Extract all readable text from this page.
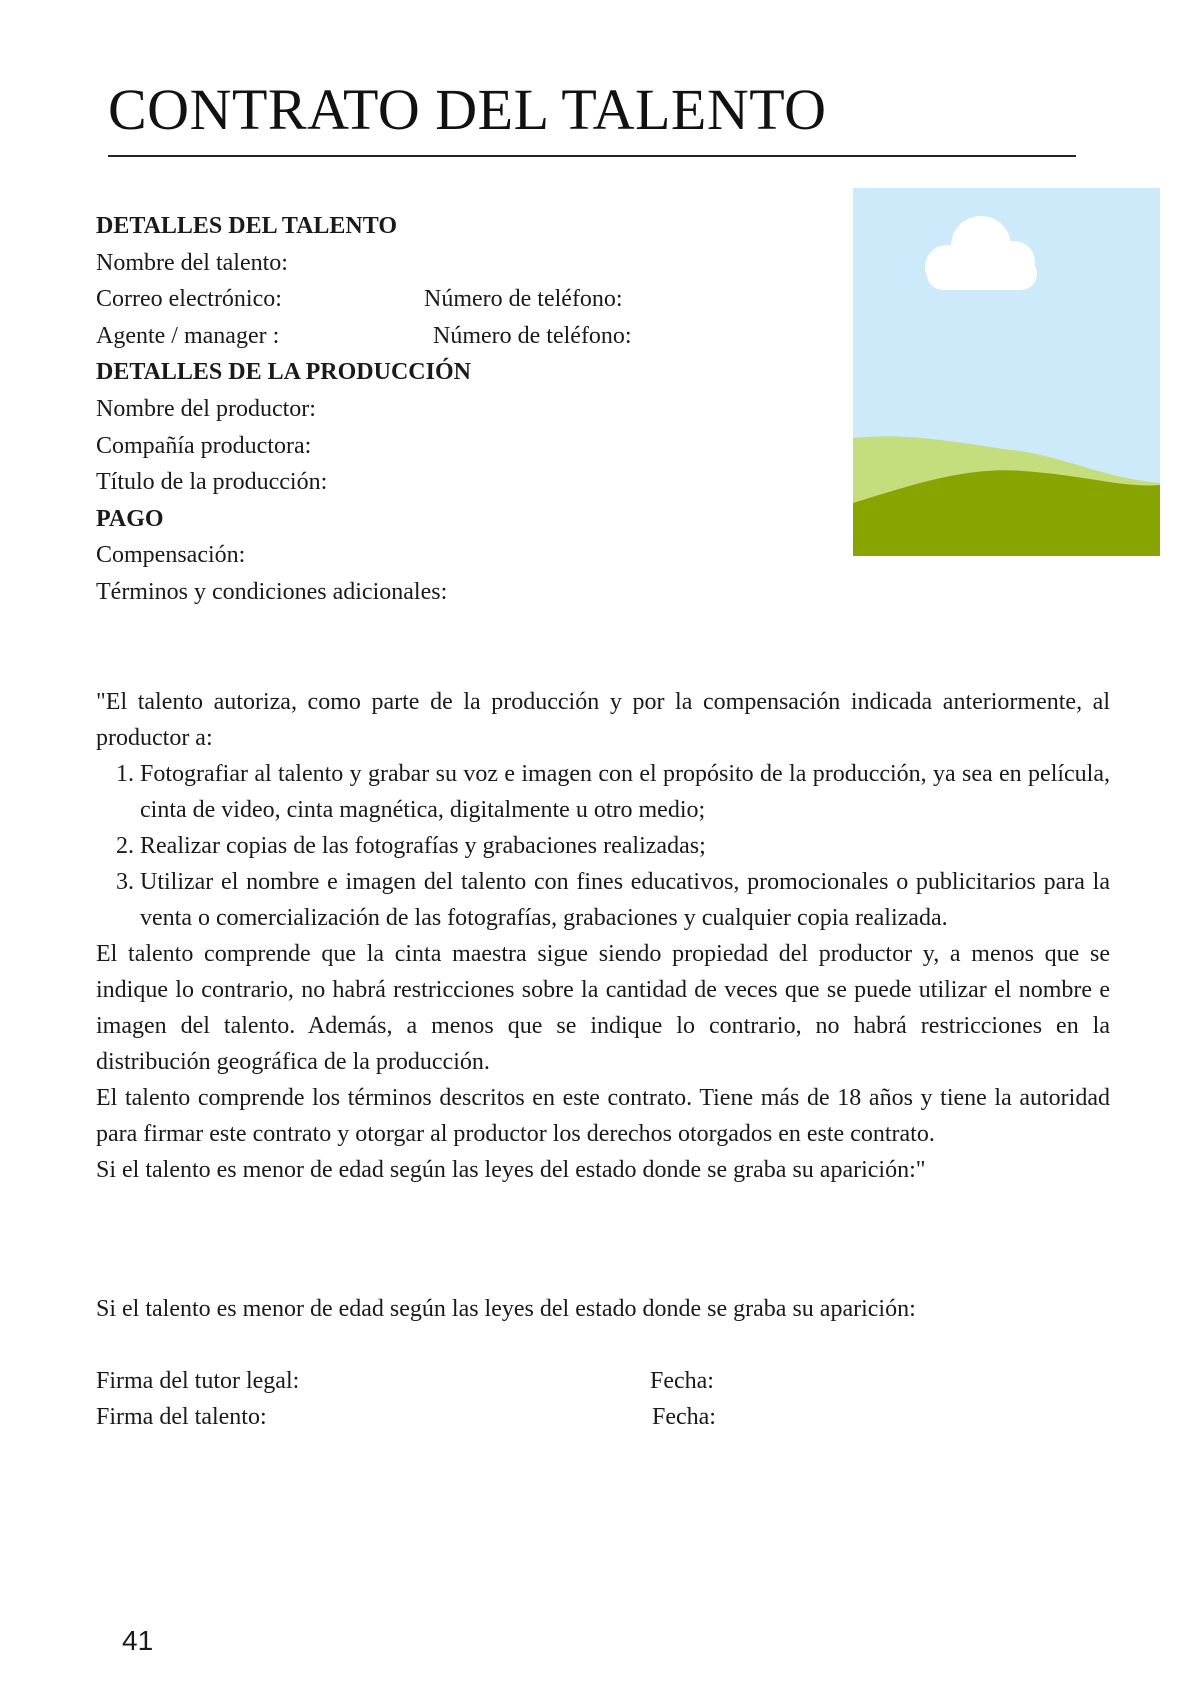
CONTRATO DEL TALENTO
DETALLES DEL TALENTO
Nombre del talento:
Correo electrónico:	Número de teléfono:
Agente / manager :	Número de teléfono:
DETALLES DE LA PRODUCCIÓN
Nombre del productor:
Compañía productora:
Título de la producción:
PAGO
Compensación:
Términos y condiciones adicionales:

"El talento autoriza, como parte de la producción y por la compensación indicada anteriormente, al productor a:

1. Fotografiar al talento y grabar su voz e imagen con el propósito de la producción, ya sea en película, cinta de video, cinta magnética, digitalmente u otro medio;
2. Realizar copias de las fotografías y grabaciones realizadas;
3. Utilizar el nombre e imagen del talento con fines educativos, promocionales o publicitarios para la venta o comercialización de las fotografías, grabaciones y cualquier copia realizada.

El talento comprende que la cinta maestra sigue siendo propiedad del productor y, a menos que se indique lo contrario, no habrá restricciones sobre la cantidad de veces que se puede utilizar el nombre e imagen del talento. Además, a menos que se indique lo contrario, no habrá restricciones en la distribución geográfica de la producción.

El talento comprende los términos descritos en este contrato. Tiene más de 18 años y tiene la autoridad para firmar este contrato y otorgar al productor los derechos otorgados en este contrato.

Si el talento es menor de edad según las leyes del estado donde se graba su aparición:"

Si el talento es menor de edad según las leyes del estado donde se graba su aparición:
Firma del tutor legal:	Fecha:
Firma del talento:	Fecha:
41
